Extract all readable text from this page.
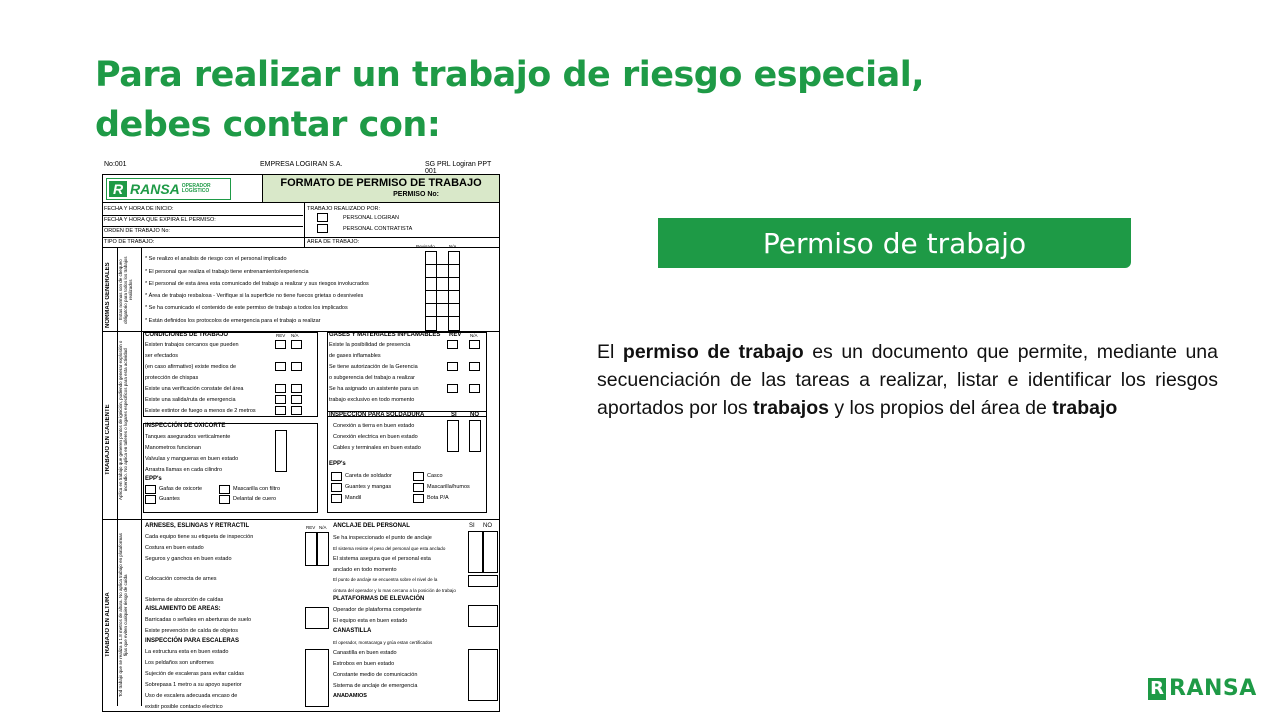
Para realizar un trabajo de riesgo especial, debes contar con:
No:001	EMPRESA LOGIRAN S.A.	SG PRL Logiran PPT 001
R RANSA OPERADOR
LOGÍSTICO
FORMATO DE PERMISO DE TRABAJO
PERMISO No:
FECHA Y HORA DE INICIO:
FECHA Y HORA QUE EXPIRA EL PERMISO:
ORDEN DE TRABAJO No:
TIPO DE TRABAJO:
TRABAJO REALIZADO POR:
PERSONAL LOGIRAN
PERSONAL CONTRATISTA
AREA DE TRABAJO:
Revisado	N/A
NORMAS GENERALES Estas normas son de chequeo obligatorio para todos los trabajos realizados
* Se realizo el analisis de riesgo con el personal implicado
* El personal que realiza el trabajo tiene entrenamiento/experiencia
* El personal de esta área esta comunicado del trabajo a realizar y sus riesgos involucrados
* Área de trabajo resbalosa - Verifique si la superficie no tiene fuecos grietas o desniveles
* Se ha comunicado el contenido de este permiso de trabajo a todos los implicados
* Están definidos los protocolos de emergencia para el trabajo a realizar
TRABAJO EN CALIENTE Aplica en trabajo que generen puntos de ignición, pudiendo generar explosión o incendio. No aplica en talleres o lugares específicos para esta actividad
CONDICIONES DE TRABAJO	REV N/A
Existen trabajos cercanos que pueden
ser efectados
(en caso afirmativo) existe medios de
protección de chispas
Existe una verificación constate del área
Existe una salida/ruta de emergencia
Existe extintor de fuego a menos de 2 metros
GASES Y MATERIALES INFLAMABLES REV N/A
Existe la posibilidad de presencia
de gases inflamables
Se tiene autorización de la Gerencia
o subgerencia del trabajo a realizar
Se ha asignado un asistente para un
trabajo exclusivo en todo momento
INSPECCIÓN DE OXICORTE
Tanques asegurados verticalmente
Manometros funcionan
Valvulas y mangueras en buen estado
Arrastra llamas en cada cilindro
EPP's
Gafas de oxicorte
Guantes
Mascarilla con filtro
Delantal de cuero
INSPECCION PARA SOLDADURA	SI NO
Conexión a tierra en buen estado
Conexión electrica en buen estado
Cables y terminales en buen estado
EPP's
Careta de soldador
Guantes y mangas
Mandil
Casco
Mascarilla/humos
Bota P/A
TRABAJO EN ALTURA Tod trabajo que se realiza a 1.8 metros de altura. No aplica trabajo en plataformas fijas que eviten cualquier riesgo de caída
ARNESES, ESLINGAS Y RETRACTIL	REV N/A
Cada equipo tiene su etiqueta de inspección
Costura en buen estado
Seguros y ganchos en buen estado
Colocación correcta de arnes
Sistema de absorción de caídas
AISLAMIENTO DE AREAS:
Barricadas o señales en aberturas de suelo
Existe prevención de caída de objetos
INSPECCIÓN PARA ESCALERAS
La estructura esta en buen estado
Los peldaños son uniformes
Sujeción de escaleras para evitar caídas
Sobrepasa 1 metro a su apoyo superior
Uso de escalera adecuada encaso de
existir posible contacto electrico
ANCLAJE DEL PERSONAL	SI NO
Se ha inspeccionado el punto de anclaje
El sistema resiste el peso del personal que esta anclado
El sistema asegura que el personal esta
anclado en todo momento
El punto de anclaje se encuentra sobre el nivel de la
cintura del operador y lo mas cercano a la posición de trabajo
PLATAFORMAS DE ELEVACIÓN
Operador de plataforma competente
El equipo esta en buen estado
CANASTILLA
El operador, montacarga y grúa estan certificados
Canastilla en buen estado
Estrobos en buen estado
Constante medio de comunicación
Sistema de anclaje de emergencia
ANADAMIOS
Permiso de trabajo
El permiso de trabajo es un documento que permite, mediante una secuenciación de las tareas a realizar, listar e identificar los riesgos aportados por los trabajos y los propios del área de trabajo
R RANSA
